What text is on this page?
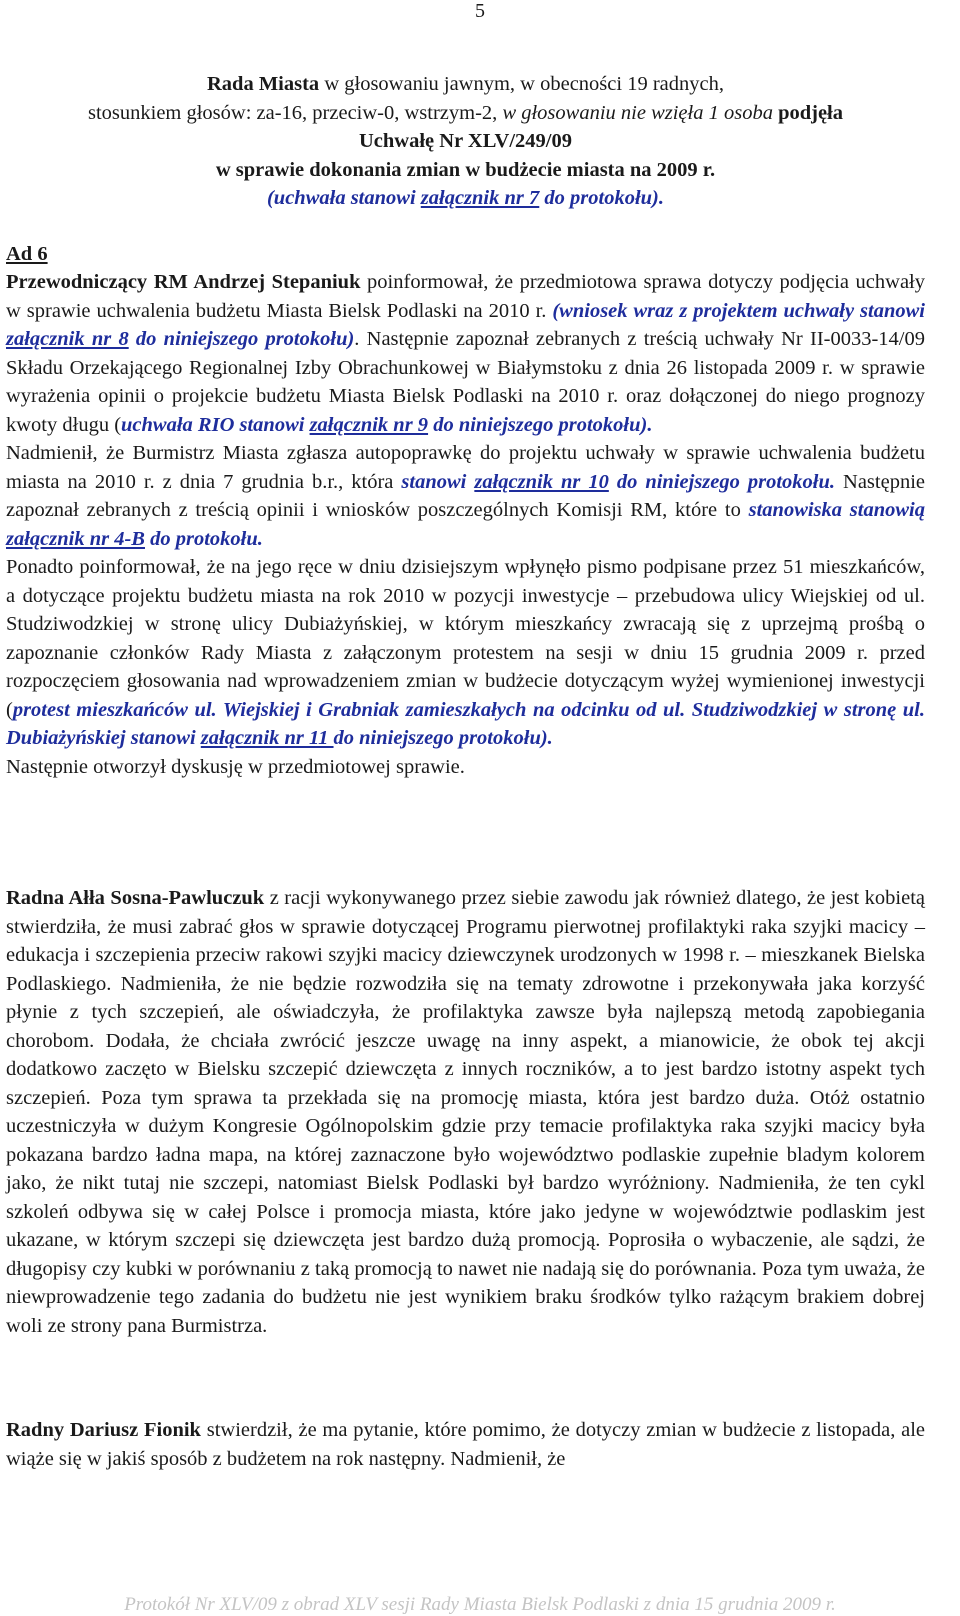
5
Rada Miasta w głosowaniu jawnym, w obecności 19 radnych,
stosunkiem głosów: za-16, przeciw-0, wstrzym-2, w głosowaniu nie wzięła 1 osoba podjęła
Uchwałę Nr XLV/249/09
w sprawie dokonania zmian w budżecie miasta na 2009 r.
(uchwała stanowi załącznik nr 7 do protokołu).
Ad 6
Przewodniczący RM Andrzej Stepaniuk poinformował, że przedmiotowa sprawa dotyczy podjęcia uchwały w sprawie uchwalenia budżetu Miasta Bielsk Podlaski na 2010 r. (wniosek wraz z projektem uchwały stanowi załącznik nr 8 do niniejszego protokołu). Następnie zapoznał zebranych z treścią uchwały Nr II-0033-14/09 Składu Orzekającego Regionalnej Izby Obrachunkowej w Białymstoku z dnia 26 listopada 2009 r. w sprawie wyrażenia opinii o projekcie budżetu Miasta Bielsk Podlaski na 2010 r. oraz dołączonej do niego prognozy kwoty długu (uchwała RIO stanowi załącznik nr 9 do niniejszego protokołu).
Nadmienił, że Burmistrz Miasta zgłasza autopoprawkę do projektu uchwały w sprawie uchwalenia budżetu miasta na 2010 r. z dnia 7 grudnia b.r., która stanowi załącznik nr 10 do niniejszego protokołu. Następnie zapoznał zebranych z treścią opinii i wniosków poszczególnych Komisji RM, które to stanowiska stanowią załącznik nr 4-B do protokołu.
Ponadto poinformował, że na jego ręce w dniu dzisiejszym wpłynęło pismo podpisane przez 51 mieszkańców, a dotyczące projektu budżetu miasta na rok 2010 w pozycji inwestycje – przebudowa ulicy Wiejskiej od ul. Studziwodzkiej w stronę ulicy Dubiażyńskiej, w którym mieszkańcy zwracają się z uprzejmą prośbą o zapoznanie członków Rady Miasta z załączonym protestem na sesji w dniu 15 grudnia 2009 r. przed rozpoczęciem głosowania nad wprowadzeniem zmian w budżecie dotyczącym wyżej wymienionej inwestycji (protest mieszkańców ul. Wiejskiej i Grabniak zamieszkałych na odcinku od ul. Studziwodzkiej w stronę ul. Dubiażyńskiej stanowi załącznik nr 11 do niniejszego protokołu).
Następnie otworzył dyskusję w przedmiotowej sprawie.
Radna Ałła Sosna-Pawluczuk z racji wykonywanego przez siebie zawodu jak również dlatego, że jest kobietą stwierdziła, że musi zabrać głos w sprawie dotyczącej Programu pierwotnej profilaktyki raka szyjki macicy – edukacja i szczepienia przeciw rakowi szyjki macicy dziewczynek urodzonych w 1998 r. – mieszkanek Bielska Podlaskiego. Nadmieniła, że nie będzie rozwodziła się na tematy zdrowotne i przekonywała jaka korzyść płynie z tych szczepień, ale oświadczyła, że profilaktyka zawsze była najlepszą metodą zapobiegania chorobom. Dodała, że chciała zwrócić jeszcze uwagę na inny aspekt, a mianowicie, że obok tej akcji dodatkowo zaczęto w Bielsku szczepić dziewczęta z innych roczników, a to jest bardzo istotny aspekt tych szczepień. Poza tym sprawa ta przekłada się na promocję miasta, która jest bardzo duża. Otóż ostatnio uczestniczyła w dużym Kongresie Ogólnopolskim gdzie przy temacie profilaktyka raka szyjki macicy była pokazana bardzo ładna mapa, na której zaznaczone było województwo podlaskie zupełnie bladym kolorem jako, że nikt tutaj nie szczepi, natomiast Bielsk Podlaski był bardzo wyróżniony. Nadmieniła, że ten cykl szkoleń odbywa się w całej Polsce i promocja miasta, które jako jedyne w województwie podlaskim jest ukazane, w którym szczepi się dziewczęta jest bardzo dużą promocją. Poprosiła o wybaczenie, ale sądzi, że długopisy czy kubki w porównaniu z taką promocją to nawet nie nadają się do porównania. Poza tym uważa, że niewprowadzenie tego zadania do budżetu nie jest wynikiem braku środków tylko rażącym brakiem dobrej woli ze strony pana Burmistrza.
Radny Dariusz Fionik stwierdził, że ma pytanie, które pomimo, że dotyczy zmian w budżecie z listopada, ale wiąże się w jakiś sposób z budżetem na rok następny. Nadmienił, że
Protokół Nr XLV/09 z obrad XLV sesji Rady Miasta Bielsk Podlaski z dnia 15 grudnia 2009 r.
